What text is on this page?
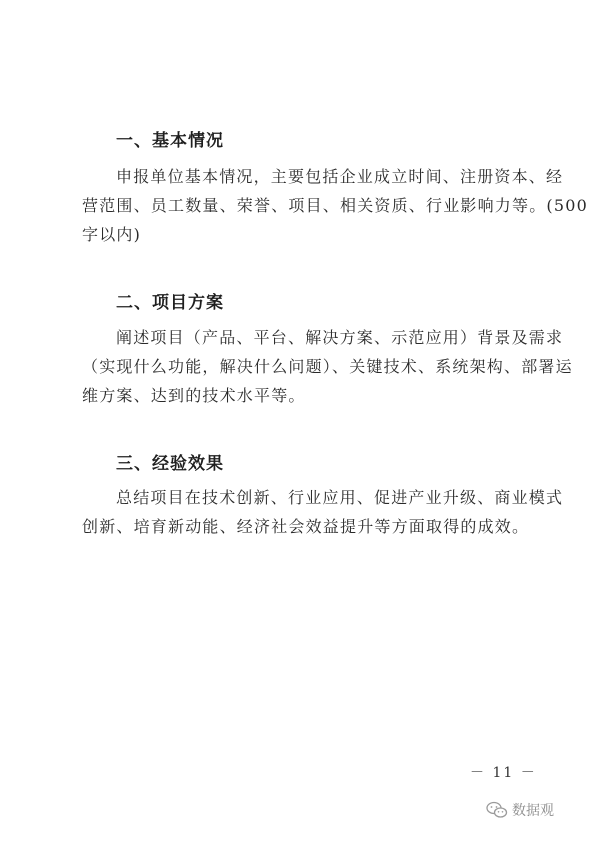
一、基本情况
申报单位基本情况，主要包括企业成立时间、注册资本、经
营范围、员工数量、荣誉、项目、相关资质、行业影响力等。(500
字以内)
二、项目方案
阐述项目（产品、平台、解决方案、示范应用）背景及需求
（实现什么功能，解决什么问题）、关键技术、系统架构、部署运
维方案、达到的技术水平等。
三、经验效果
总结项目在技术创新、行业应用、促进产业升级、商业模式
创新、培育新动能、经济社会效益提升等方面取得的成效。
－ 11 －
数据观
